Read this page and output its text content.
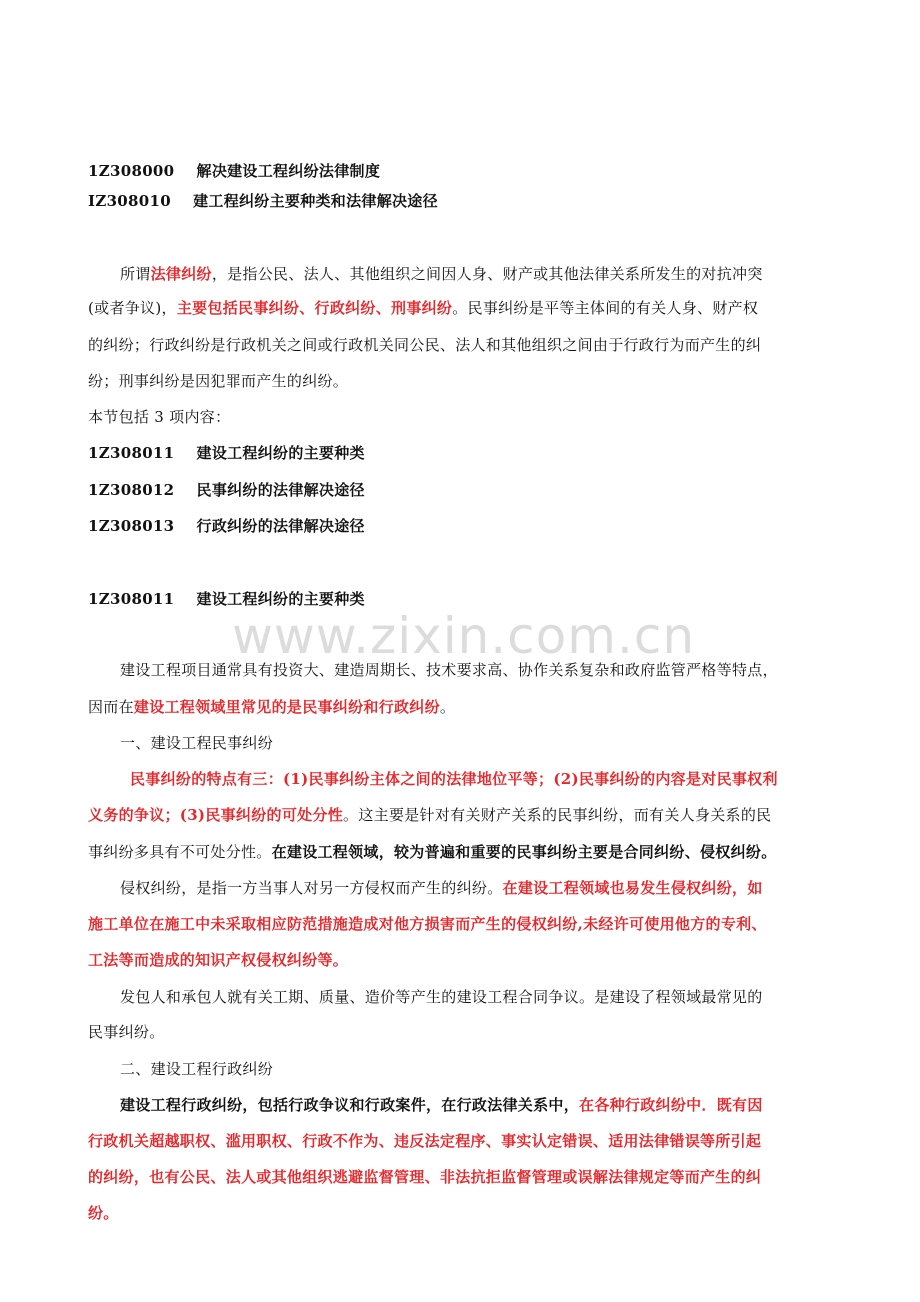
www.zixin.com.cn
1Z308000 解决建设工程纠纷法律制度
IZ308010 建工程纠纷主要种类和法律解决途径
所谓法律纠纷，是指公民、法人、其他组织之间因人身、财产或其他法律关系所发生的对抗冲突
(或者争议)，主要包括民事纠纷、行政纠纷、刑事纠纷。民事纠纷是平等主体间的有关人身、财产权
的纠纷；行政纠纷是行政机关之间或行政机关同公民、法人和其他组织之间由于行政行为而产生的纠
纷；刑事纠纷是因犯罪而产生的纠纷。
本节包括 3 项内容：
1Z308011 建设工程纠纷的主要种类
1Z308012 民事纠纷的法律解决途径
1Z308013 行政纠纷的法律解决途径
1Z308011 建设工程纠纷的主要种类
建设工程项目通常具有投资大、建造周期长、技术要求高、协作关系复杂和政府监管严格等特点，
因而在建设工程领域里常见的是民事纠纷和行政纠纷。
一、建设工程民事纠纷
民事纠纷的特点有三：(1)民事纠纷主体之间的法律地位平等；(2)民事纠纷的内容是对民事权利
义务的争议；(3)民事纠纷的可处分性。这主要是针对有关财产关系的民事纠纷，而有关人身关系的民
事纠纷多具有不可处分性。在建设工程领域，较为普遍和重要的民事纠纷主要是合同纠纷、侵权纠纷。
侵权纠纷，是指一方当事人对另一方侵权而产生的纠纷。在建设工程领域也易发生侵权纠纷，如
施工单位在施工中未采取相应防范措施造成对他方损害而产生的侵权纠纷,未经许可使用他方的专利、
工法等而造成的知识产权侵权纠纷等。
发包人和承包人就有关工期、质量、造价等产生的建设工程合同争议。是建设了程领域最常见的
民事纠纷。
二、建设工程行政纠纷
建设工程行政纠纷，包括行政争议和行政案件，在行政法律关系中，在各种行政纠纷中．既有因
行政机关超越职权、滥用职权、行政不作为、违反法定程序、事实认定错误、适用法律错误等所引起
的纠纷，也有公民、法人或其他组织逃避监督管理、非法抗拒监督管理或误解法律规定等而产生的纠
纷。
